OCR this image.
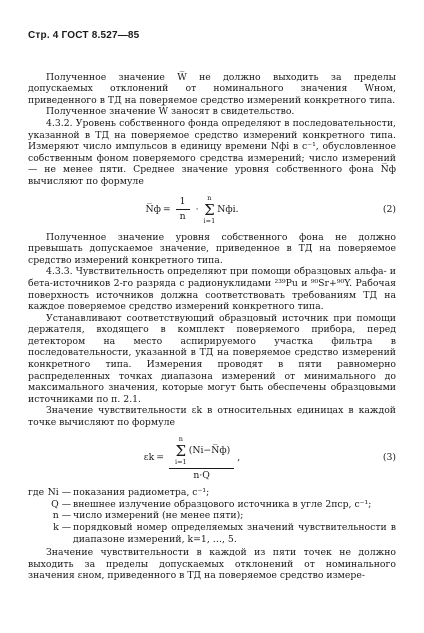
Стр. 4 ГОСТ 8.527—85

Полученное значение W̅ не должно выходить за пределы допускаемых отклонений от номинального значения Wном, приведенного в ТД на поверяемое средство измерений конкретного типа.

Полученное значение W̅ заносят в свидетельство.

4.3.2. Уровень собственного фонда определяют в последовательности, указанной в ТД на поверяемое средство измерений конкретного типа. Измеряют число импульсов в единицу времени Nфi в с⁻¹, обусловленное собственным фоном поверяемого средства измерений; число измерений — не менее пяти. Среднее значение уровня собственного фона N̅ф вычисляют по формуле

N̅ф = $\frac{1}{n}$ ·
n
Σ
i=1
Nфi.	(2)

Полученное значение уровня собственного фона не должно превышать допускаемое значение, приведенное в ТД на поверяемое средство измерений конкретного типа.

4.3.3. Чувствительность определяют при помощи образцовых альфа- и бета-источников 2-го разряда с радионуклидами ²³⁹Pu и ⁹⁰Sr+⁹⁰Y. Рабочая поверхность источников должна соответствовать требованиям ТД на каждое поверяемое средство измерений конкретного типа.

Устанавливают соответствующий образцовый источник при помощи держателя, входящего в комплект поверяемого прибора, перед детектором на место аспирируемого участка фильтра в последовательности, указанной в ТД на поверяемое средство измерений конкретного типа. Измерения проводят в пяти равномерно распределенных точках диапазона измерений от минимального до максимального значения, которые могут быть обеспечены образцовыми источниками по п. 2.1.

Значение чувствительности εk в относительных единицах в каждой точке вычисляют по формуле

εk =
n
Σ
i=1
(Ni−N̅ф)
n·Q
,	(3)
где Ni — показания радиометра, с⁻¹;
Q — внешнее излучение образцового источника в угле 2πср, с⁻¹;
n — число измерений (не менее пяти);
k — порядковый номер определяемых значений чувствительности в диапазоне измерений, k=1, …, 5.

Значение чувствительности в каждой из пяти точек не должно выходить за пределы допускаемых отклонений от номинального значения εном, приведенного в ТД на поверяемое средство измере-
